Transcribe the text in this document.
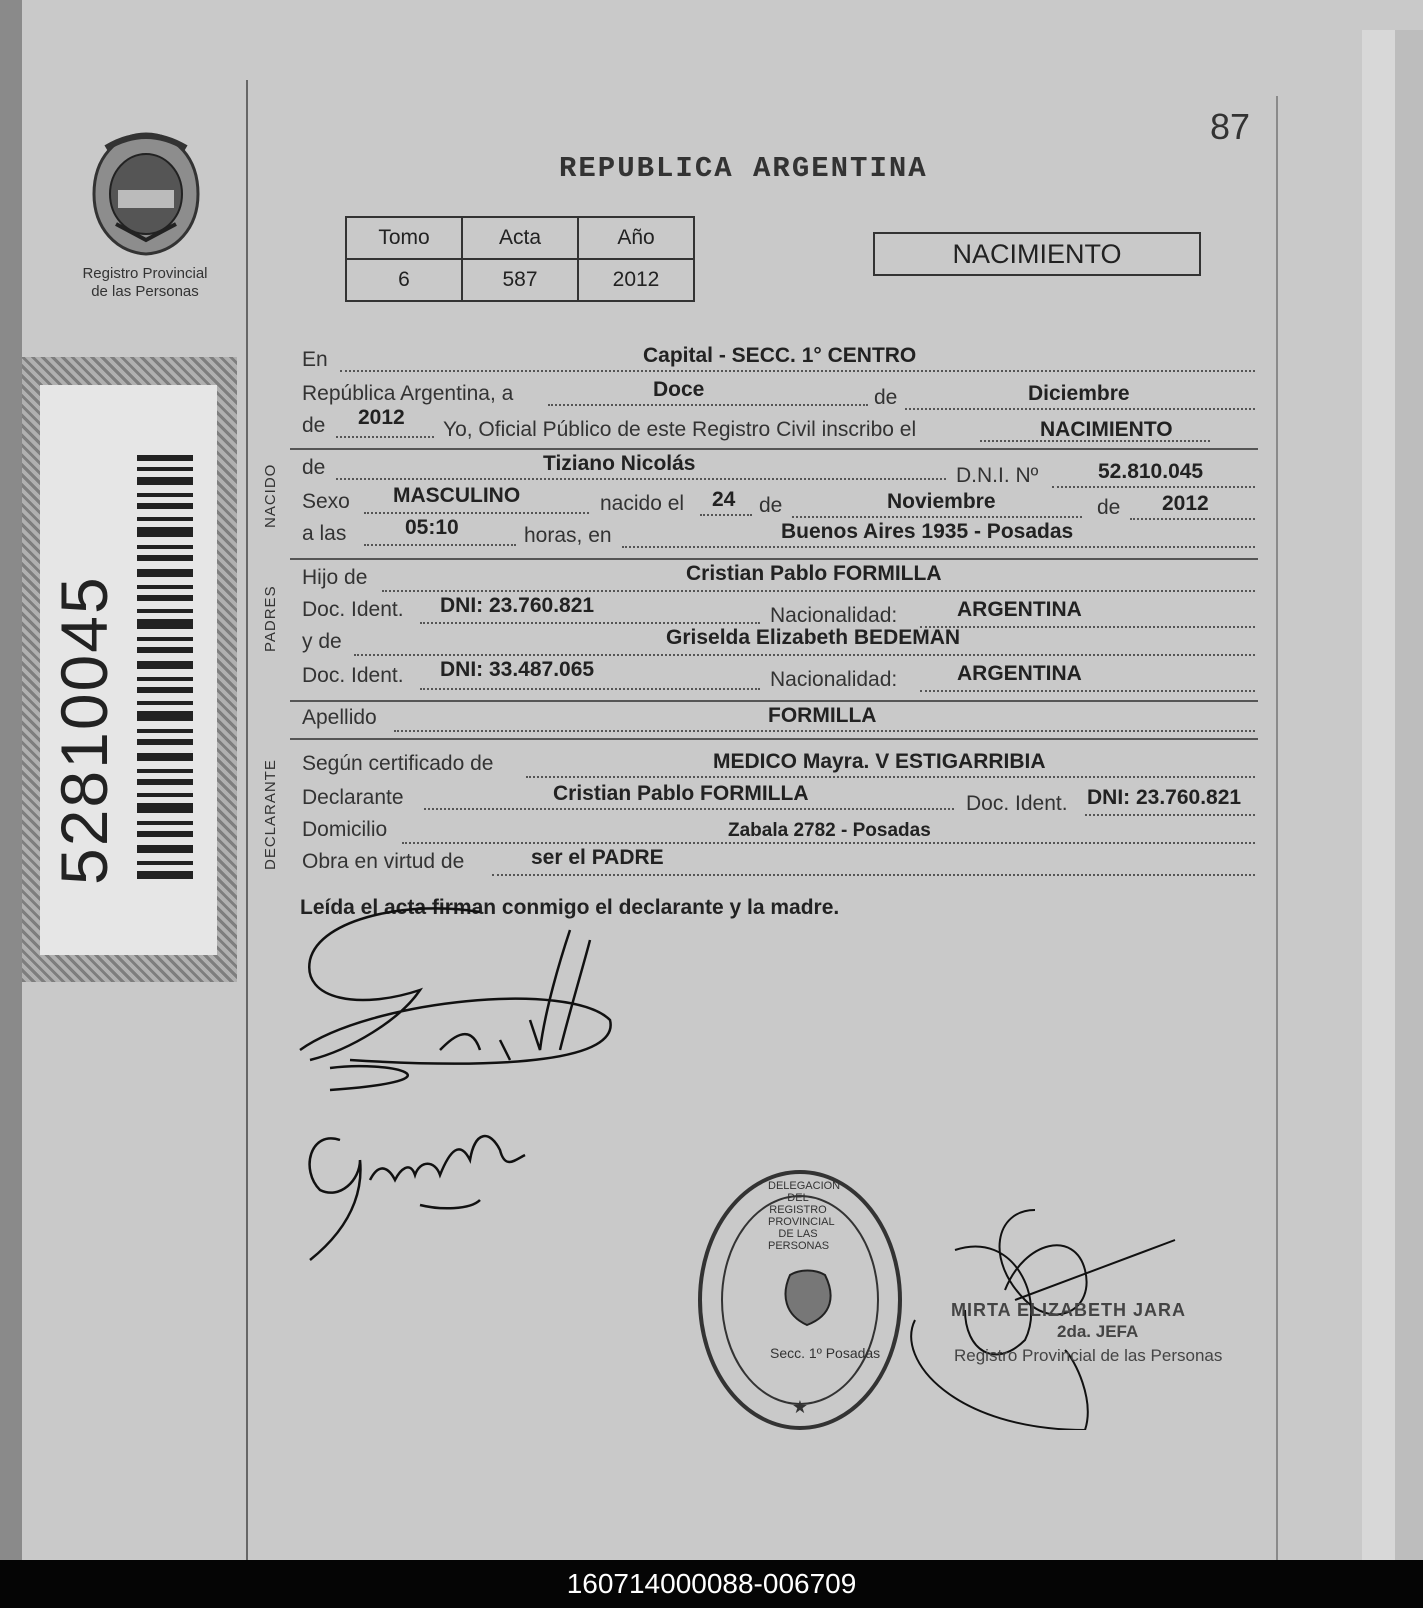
Registro Provincial
de las Personas
52810045
87
REPUBLICA ARGENTINA
Tomo	Acta	Año
6	587	2012
NACIMIENTO
En	Capital - SECC. 1° CENTRO
República Argentina, a	Doce	de	Diciembre
de 2012
Yo, Oficial Público de este Registro Civil inscribo el	NACIMIENTO
NACIDO de	Tiziano Nicolás
D.N.I. Nº	52.810.045
Sexo MASCULINO	nacido el 24 de	Noviembre	de 2012
a las	05:10	horas, en	Buenos Aires 1935 - Posadas
PADRES
Hijo de	Cristian Pablo FORMILLA
Doc. Ident. DNI: 23.760.821	Nacionalidad:	ARGENTINA
y de	Griselda Elizabeth BEDEMAN
Doc. Ident. DNI: 33.487.065	Nacionalidad:	ARGENTINA
Apellido	FORMILLA
DECLARANTE Según certificado de	MEDICO Mayra. V ESTIGARRIBIA
Declarante	Cristian Pablo FORMILLA	Doc. Ident. DNI: 23.760.821
Domicilio	Zabala 2782 - Posadas
Obra en virtud de	ser el PADRE
Leída el acta firman conmigo el declarante y la madre.
★
DELEGACION DEL REGISTRO PROVINCIAL DE LAS PERSONAS
Secc. 1º Posadas
MIRTA ELIZABETH JARA
2da. JEFA
Registro Provincial de las Personas
160714000088-006709
